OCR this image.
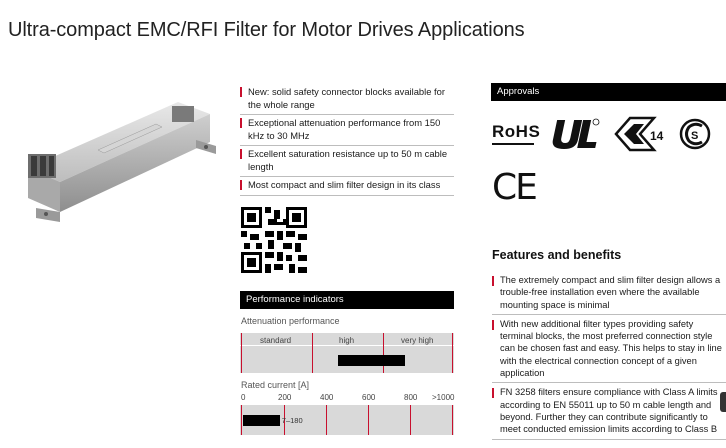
Ultra-compact EMC/RFI Filter for Motor Drives Applications
New: solid safety connector blocks available for the whole range
Exceptional attenuation performance from 150 kHz to 30 MHz
Excellent saturation resistance up to 50 m cable length
Most compact and slim filter design in its class
Performance indicators
Attenuation performance
standard	high	very high
Rated current [A]
0	200	400	600	800 >1000
7–180
Approvals
RoHS	14	S
CE
Features and benefits
The extremely compact and slim filter design allows a trouble-free installation even where the available mounting space is minimal
With new additional filter types providing safety terminal blocks, the most preferred connection style can be chosen fast and easy. This helps to stay in line with the electrical connection concept of a given application
FN 3258 filters ensure compliance with Class A limits according to EN 55011 up to 50 m cable length and beyond. Further they can contribute significantly to meet conducted emission limits according to Class B
